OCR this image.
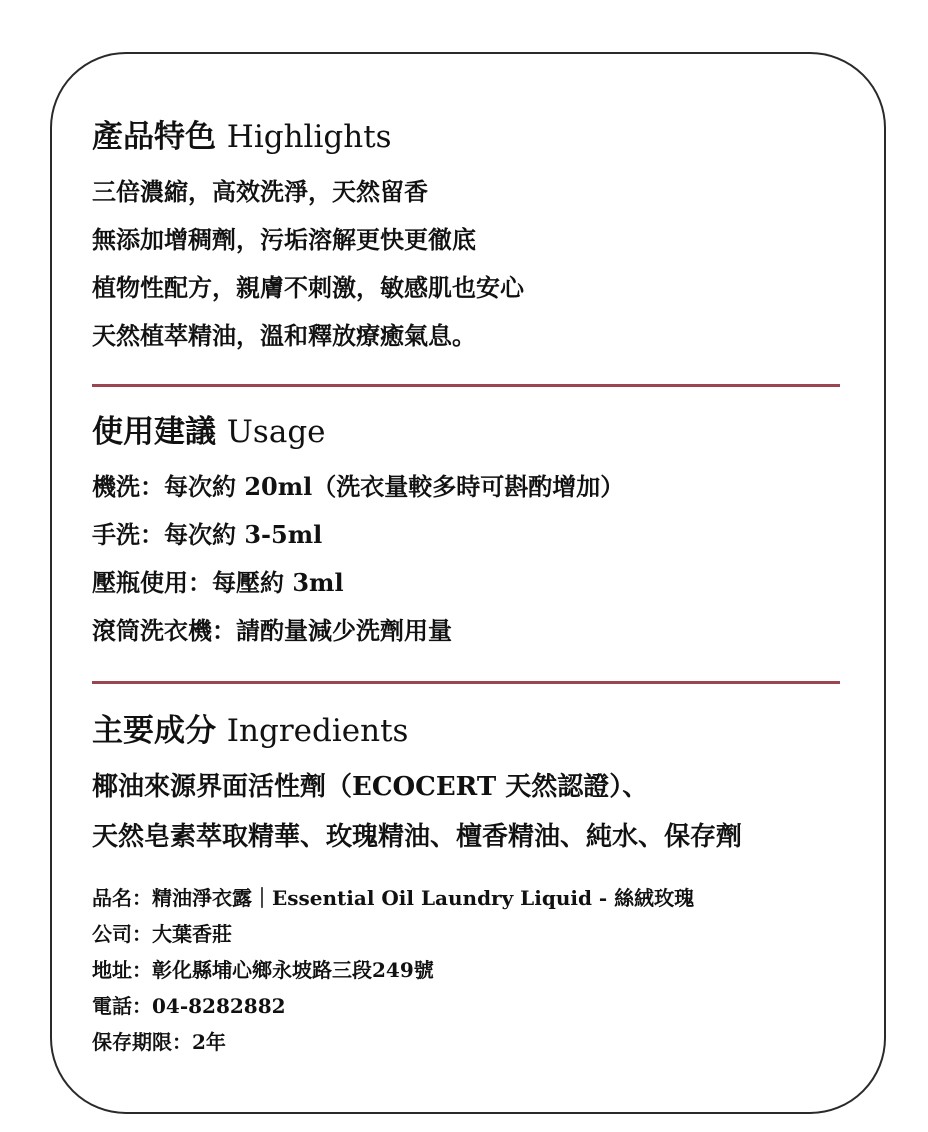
產品特色 Highlights
三倍濃縮，高效洗淨，天然留香
無添加增稠劑，污垢溶解更快更徹底
植物性配方，親膚不刺激，敏感肌也安心
天然植萃精油，溫和釋放療癒氣息。
使用建議 Usage
機洗：每次約 20ml（洗衣量較多時可斟酌增加）
手洗：每次約 3-5ml
壓瓶使用：每壓約 3ml
滾筒洗衣機：請酌量減少洗劑用量
主要成分 Ingredients
椰油來源界面活性劑（ECOCERT 天然認證）、
天然皂素萃取精華、玫瑰精油、檀香精油、純水、保存劑
品名：精油淨衣露｜Essential Oil Laundry Liquid - 絲絨玫瑰
公司：大葉香莊
地址：彰化縣埔心鄉永坡路三段249號
電話：04-8282882
保存期限：2年
